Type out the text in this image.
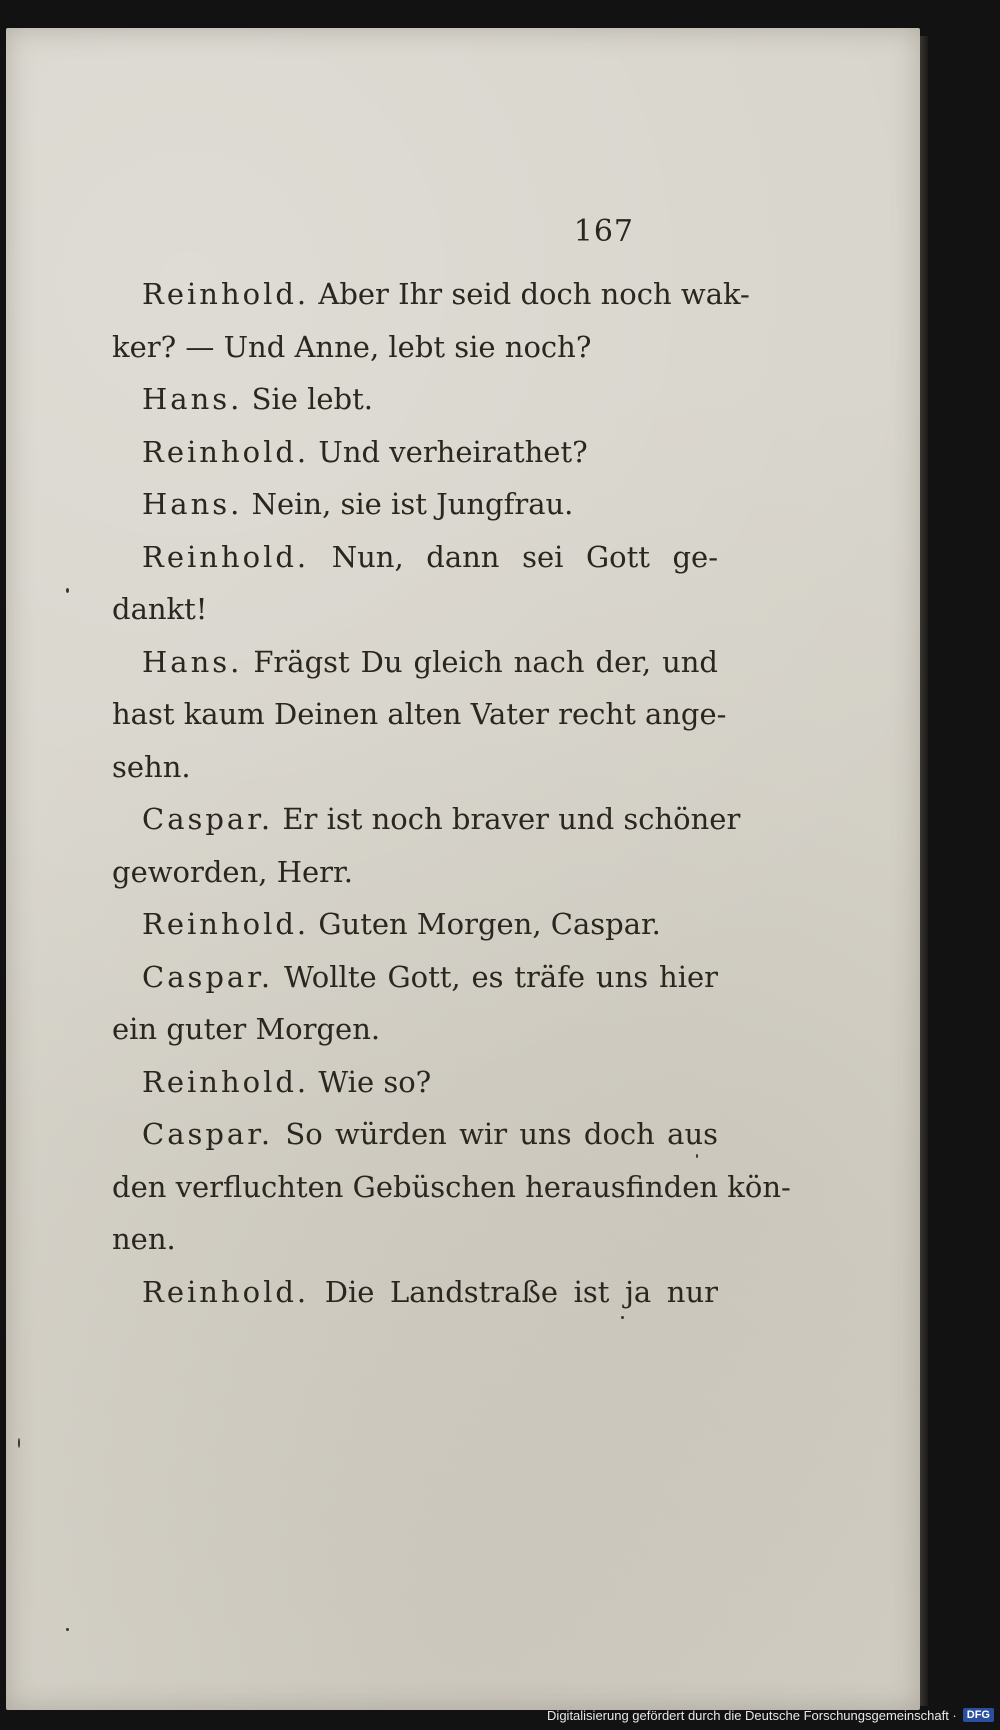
167
Reinhold. Aber Ihr seid doch noch wak-
ker? — Und Anne, lebt sie noch?
Hans. Sie lebt.
Reinhold. Und verheirathet?
Hans. Nein, sie ist Jungfrau.
Reinhold. Nun, dann sei Gott ge-
dankt!
Hans. Frägst Du gleich nach der, und
hast kaum Deinen alten Vater recht ange-
sehn.
Caspar. Er ist noch braver und schöner
geworden, Herr.
Reinhold. Guten Morgen, Caspar.
Caspar. Wollte Gott, es träfe uns hier
ein guter Morgen.
Reinhold. Wie so?
Caspar. So würden wir uns doch aus
den verfluchten Gebüschen herausfinden kön-
nen.
Reinhold. Die Landstraße ist ja nur
Digitalisierung gefördert durch die Deutsche Forschungsgemeinschaft · DFG
